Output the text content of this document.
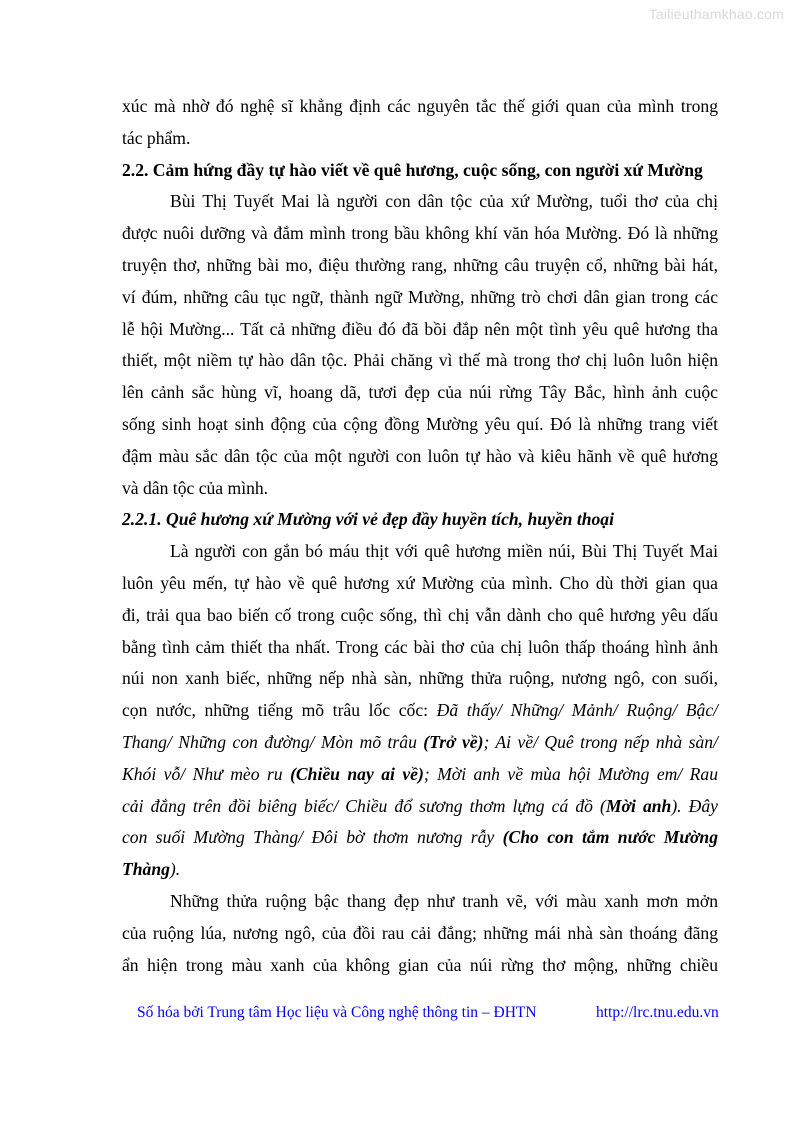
Tailieuthamkhao.com
xúc mà nhờ đó nghệ sĩ khẳng định các nguyên tắc thế giới quan của mình trong
tác phẩm.
2.2. Cảm hứng đầy tự hào viết về quê hương, cuộc sống, con người xứ Mường
Bùi Thị Tuyết Mai là người con dân tộc của xứ Mường, tuổi thơ của chị
được nuôi dưỡng và đắm mình trong bầu không khí văn hóa Mường. Đó là những
truyện thơ, những bài mo, điệu thường rang, những câu truyện cổ, những bài hát,
ví đúm, những câu tục ngữ, thành ngữ Mường, những trò chơi dân gian trong các
lễ hội Mường... Tất cả những điều đó đã bồi đắp nên một tình yêu quê hương tha
thiết, một niềm tự hào dân tộc. Phải chăng vì thế mà trong thơ chị luôn luôn hiện
lên cảnh sắc hùng vĩ, hoang dã, tươi đẹp của núi rừng Tây Bắc, hình ảnh cuộc
sống sinh hoạt sinh động của cộng đồng Mường yêu quí. Đó là những trang viết
đậm màu sắc dân tộc của một người con luôn tự hào và kiêu hãnh về quê hương
và dân tộc của mình.
2.2.1. Quê hương xứ Mường với vẻ đẹp đầy huyền tích, huyền thoại
Là người con gắn bó máu thịt với quê hương miền núi, Bùi Thị Tuyết Mai
luôn yêu mến, tự hào về quê hương xứ Mường của mình. Cho dù thời gian qua
đi, trải qua bao biến cố trong cuộc sống, thì chị vẫn dành cho quê hương yêu dấu
bằng tình cảm thiết tha nhất. Trong các bài thơ của chị luôn thấp thoáng hình ảnh
núi non xanh biếc, những nếp nhà sàn, những thửa ruộng, nương ngô, con suối,
cọn nước, những tiếng mõ trâu lốc cốc: Đã thấy/ Những/ Mảnh/ Ruộng/ Bậc/
Thang/ Những con đường/ Mòn mõ trâu (Trở về); Ai về/ Quê trong nếp nhà sàn/
Khói vỗ/ Như mèo ru (Chiều nay ai về); Mời anh về mùa hội Mường em/ Rau
cải đắng trên đồi biêng biếc/ Chiều đổ sương thơm lựng cá đồ (Mời anh). Đây
con suối Mường Thàng/ Đôi bờ thơm nương rẫy (Cho con tắm nước Mường
Thàng).
Những thửa ruộng bậc thang đẹp như tranh vẽ, với màu xanh mơn mởn
của ruộng lúa, nương ngô, của đồi rau cải đắng; những mái nhà sàn thoáng đãng
ẩn hiện trong màu xanh của không gian của núi rừng thơ mộng, những chiều
Số hóa bởi Trung tâm Học liệu và Công nghệ thông tin – ĐHTN	http://lrc.tnu.edu.vn
